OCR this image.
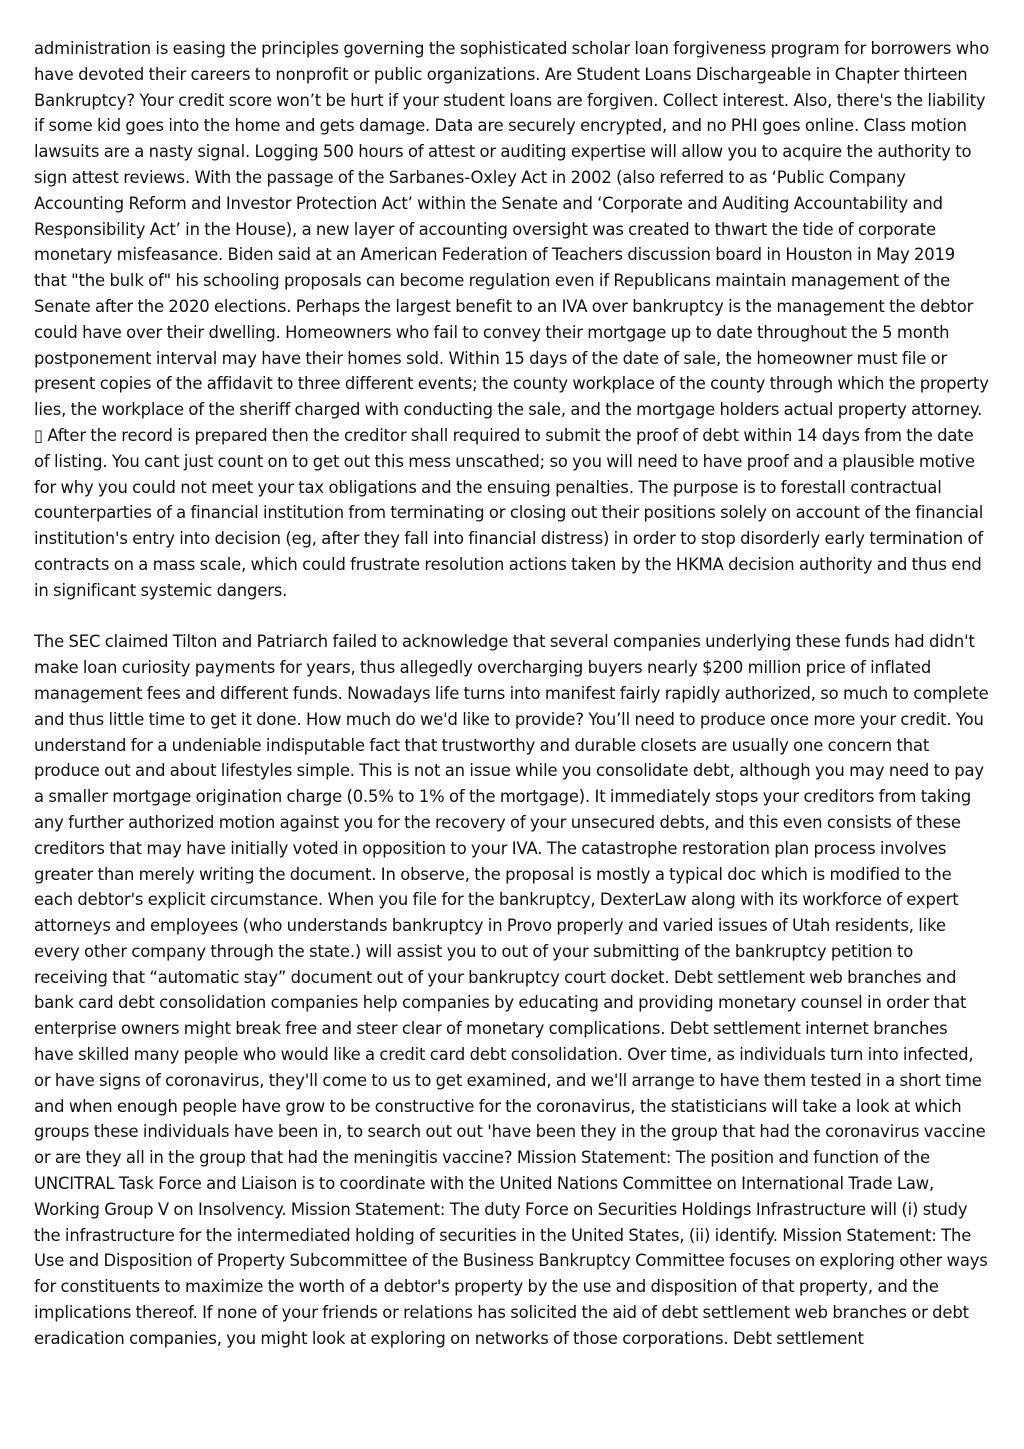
administration is easing the principles governing the sophisticated scholar loan forgiveness program for borrowers who have devoted their careers to nonprofit or public organizations. Are Student Loans Dischargeable in Chapter thirteen Bankruptcy? Your credit score won’t be hurt if your student loans are forgiven. Collect interest. Also, there's the liability if some kid goes into the home and gets damage. Data are securely encrypted, and no PHI goes online. Class motion lawsuits are a nasty signal. Logging 500 hours of attest or auditing expertise will allow you to acquire the authority to sign attest reviews. With the passage of the Sarbanes-Oxley Act in 2002 (also referred to as ‘Public Company Accounting Reform and Investor Protection Act’ within the Senate and ‘Corporate and Auditing Accountability and Responsibility Act’ in the House), a new layer of accounting oversight was created to thwart the tide of corporate monetary misfeasance. Biden said at an American Federation of Teachers discussion board in Houston in May 2019 that "the bulk of" his schooling proposals can become regulation even if Republicans maintain management of the Senate after the 2020 elections. Perhaps the largest benefit to an IVA over bankruptcy is the management the debtor could have over their dwelling. Homeowners who fail to convey their mortgage up to date throughout the 5 month postponement interval may have their homes sold. Within 15 days of the date of sale, the homeowner must file or present copies of the affidavit to three different events; the county workplace of the county through which the property lies, the workplace of the sheriff charged with conducting the sale, and the mortgage holders actual property attorney. ▯ After the record is prepared then the creditor shall required to submit the proof of debt within 14 days from the date of listing. You cant just count on to get out this mess unscathed; so you will need to have proof and a plausible motive for why you could not meet your tax obligations and the ensuing penalties. The purpose is to forestall contractual counterparties of a financial institution from terminating or closing out their positions solely on account of the financial institution's entry into decision (eg, after they fall into financial distress) in order to stop disorderly early termination of contracts on a mass scale, which could frustrate resolution actions taken by the HKMA decision authority and thus end in significant systemic dangers.

The SEC claimed Tilton and Patriarch failed to acknowledge that several companies underlying these funds had didn't make loan curiosity payments for years, thus allegedly overcharging buyers nearly $200 million price of inflated management fees and different funds. Nowadays life turns into manifest fairly rapidly authorized, so much to complete and thus little time to get it done. How much do we'd like to provide? You’ll need to produce once more your credit. You understand for a undeniable indisputable fact that trustworthy and durable closets are usually one concern that produce out and about lifestyles simple. This is not an issue while you consolidate debt, although you may need to pay a smaller mortgage origination charge (0.5% to 1% of the mortgage). It immediately stops your creditors from taking any further authorized motion against you for the recovery of your unsecured debts, and this even consists of these creditors that may have initially voted in opposition to your IVA. The catastrophe restoration plan process involves greater than merely writing the document. In observe, the proposal is mostly a typical doc which is modified to the each debtor's explicit circumstance. When you file for the bankruptcy, DexterLaw along with its workforce of expert attorneys and employees (who understands bankruptcy in Provo properly and varied issues of Utah residents, like every other company through the state.) will assist you to out of your submitting of the bankruptcy petition to receiving that “automatic stay” document out of your bankruptcy court docket. Debt settlement web branches and bank card debt consolidation companies help companies by educating and providing monetary counsel in order that enterprise owners might break free and steer clear of monetary complications. Debt settlement internet branches have skilled many people who would like a credit card debt consolidation. Over time, as individuals turn into infected, or have signs of coronavirus, they'll come to us to get examined, and we'll arrange to have them tested in a short time and when enough people have grow to be constructive for the coronavirus, the statisticians will take a look at which groups these individuals have been in, to search out out 'have been they in the group that had the coronavirus vaccine or are they all in the group that had the meningitis vaccine? Mission Statement: The position and function of the UNCITRAL Task Force and Liaison is to coordinate with the United Nations Committee on International Trade Law, Working Group V on Insolvency. Mission Statement: The duty Force on Securities Holdings Infrastructure will (i) study the infrastructure for the intermediated holding of securities in the United States, (ii) identify. Mission Statement: The Use and Disposition of Property Subcommittee of the Business Bankruptcy Committee focuses on exploring other ways for constituents to maximize the worth of a debtor's property by the use and disposition of that property, and the implications thereof. If none of your friends or relations has solicited the aid of debt settlement web branches or debt eradication companies, you might look at exploring on networks of those corporations. Debt settlement
